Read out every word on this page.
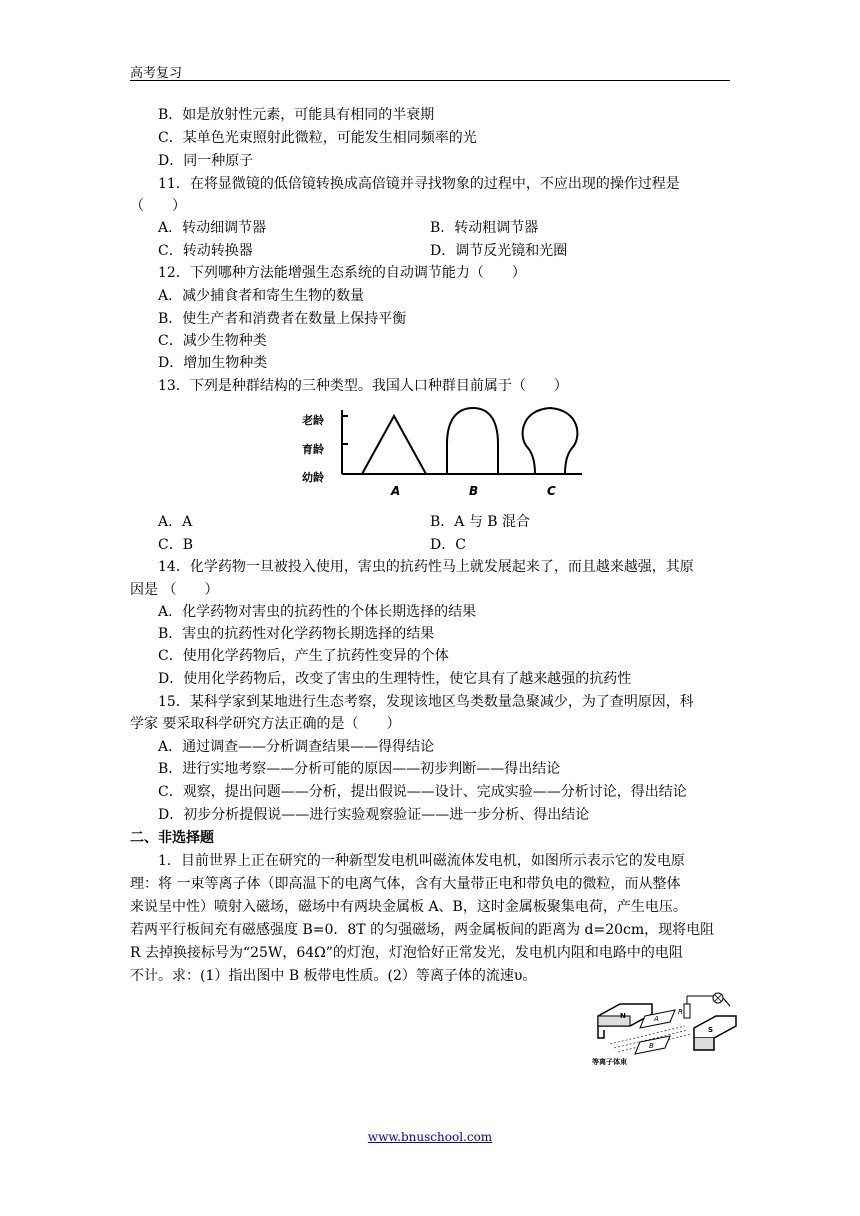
高考复习
B．如是放射性元素，可能具有相同的半衰期
C．某单色光束照射此微粒，可能发生相同频率的光
D．同一种原子
11．在将显微镜的低倍镜转换成高倍镜并寻找物象的过程中，不应出现的操作过程是
（　　）
A．转动细调节器	B．转动粗调节器
C．转动转换器	D．调节反光镜和光圈
12．下列哪种方法能增强生态系统的自动调节能力（　　）
A．减少捕食者和寄生生物的数量
B．使生产者和消费者在数量上保持平衡
C．减少生物种类
D．增加生物种类
13．下列是种群结构的三种类型。我国人口种群目前属于（　　）
老龄
育龄
幼龄
A	B	C
A．A	B．A 与 B 混合
C．B	D．C
14．化学药物一旦被投入使用，害虫的抗药性马上就发展起来了，而且越来越强，其原
因是 （　　）
A．化学药物对害虫的抗药性的个体长期选择的结果
B．害虫的抗药性对化学药物长期选择的结果
C．使用化学药物后，产生了抗药性变异的个体
D．使用化学药物后，改变了害虫的生理特性，使它具有了越来越强的抗药性
15．某科学家到某地进行生态考察，发现该地区鸟类数量急聚减少，为了查明原因，科
学家 要采取科学研究方法正确的是（　　）
A．通过调查——分析调查结果——得得结论
B．进行实地考察——分析可能的原因——初步判断——得出结论
C．观察，提出问题——分析，提出假说——设计、完成实验——分析讨论，得出结论
D．初步分析提假说——进行实验观察验证——进一步分析、得出结论
二、非选择题
1．目前世界上正在研究的一种新型发电机叫磁流体发电机，如图所示表示它的发电原
理：将 一束等离子体（即高温下的电离气体，含有大量带正电和带负电的微粒，而从整体
来说呈中性）喷射入磁场，磁场中有两块金属板 A、B，这时金属板聚集电荷，产生电压。
若两平行板间充有磁感强度 B=0．8T 的匀强磁场，两金属板间的距离为 d=20cm，现将电阻
R 去掉换接标号为“25W，64Ω”的灯泡，灯泡恰好正常发光，发电机内阻和电路中的电阻
不计。求：(1）指出图中 B 板带电性质。(2）等离子体的流速υ。
N	A
R
S
B
等离子体束
www.bnuschool.com
